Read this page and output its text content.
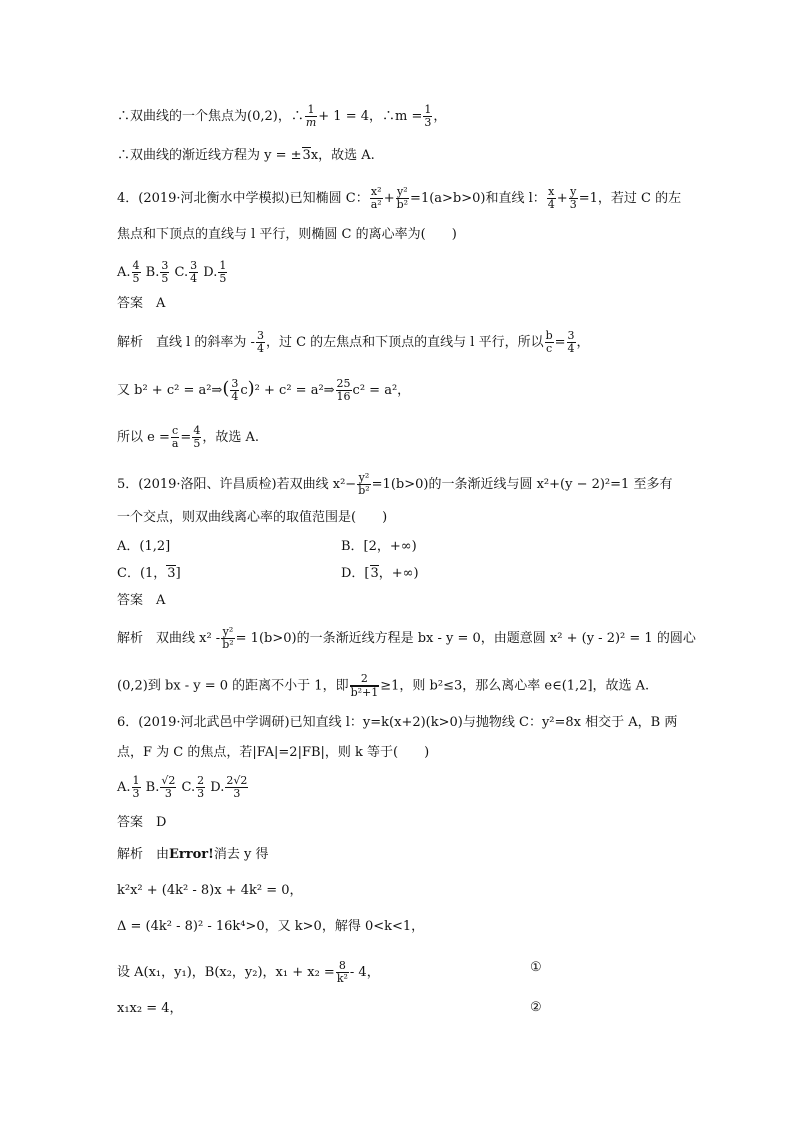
∴双曲线的一个焦点为(0,2)，∴ $\frac{1}{m} + 1 = 4$，∴m = $\frac{1}{3}$ ，
∴双曲线的渐近线方程为 y = ±3x，故选 A.
4．(2019·河北衡水中学模拟)已知椭圆 C： $\frac{\text{x²}}{\text{a²}} + \frac{\text{y²}}{\text{b²}} =1(a>b>0)$和直线 l： $\frac{x}{4} + \frac{y}{3} =1$，若过 C 的左
焦点和下顶点的直线与 l 平行，则椭圆 C 的离心率为(　　)
A. $\frac{4}{5} B$. $\frac{3}{5} C$. $\frac{3}{4} D$. $\frac{1}{5}$
答案　A
解析　直线 l 的斜率为 - $\frac{3}{4}$ ，过 C 的左焦点和下顶点的直线与 l 平行，所以 $\frac{b}{c} = \frac{3}{4}$ ，
又 b² + c² = a²⇒( $\frac{3}{4} c)^2 + c^2$ = a²⇒ $\frac{25}{16} c^2 = a^2$，
所以 $e = \frac{c}{a} = \frac{4}{5}$ ，故选 A.
5．(2019·洛阳、许昌质检)若双曲线 $x^2- \frac{\text{y²}}{\text{b²}} =1(b>0)$的一条渐近线与圆 x²+(y − 2)²=1 至多有
一个交点，则双曲线离心率的取值范围是(　　)
A．(1,2]	B．[2，+∞)
C．(1，3]	D．[3，+∞)
答案　A
解析　双曲线 $x^2 - \frac{\text{y²}}{\text{b²}} = 1(b>0)$的一条渐近线方程是 bx - y = 0，由题意圆 x² + (y - 2)² = 1 的圆心
(0,2)到 bx - y = 0 的距离不小于 1，即 $\frac{2}{\text{b²+1}} \ge 1$，则 b²≤3，那么离心率 e∈(1,2]，故选 A.
6．(2019·河北武邑中学调研)已知直线 l：y=k(x+2)(k>0)与抛物线 C：y²=8x 相交于 A，B 两
点，F 为 C 的焦点，若|FA|=2|FB|，则 k 等于(　　)
A. $\frac{1}{3} B$. $\frac{√2}{3} C$. $\frac{2}{3} D$. $\frac{2√2}{3}$
答案　D
解析　由Error!消去 y 得
k²x² + (4k² - 8)x + 4k² = 0，
Δ = (4k² - 8)² - 16k⁴>0，又 k>0，解得 0<k<1，
设 A(x₁，y₁)，B(x₂，y₂)，$x_1 + x_2 = \frac{8}{\text{k²}} - 4$，	①
x₁x₂ = 4，	②
